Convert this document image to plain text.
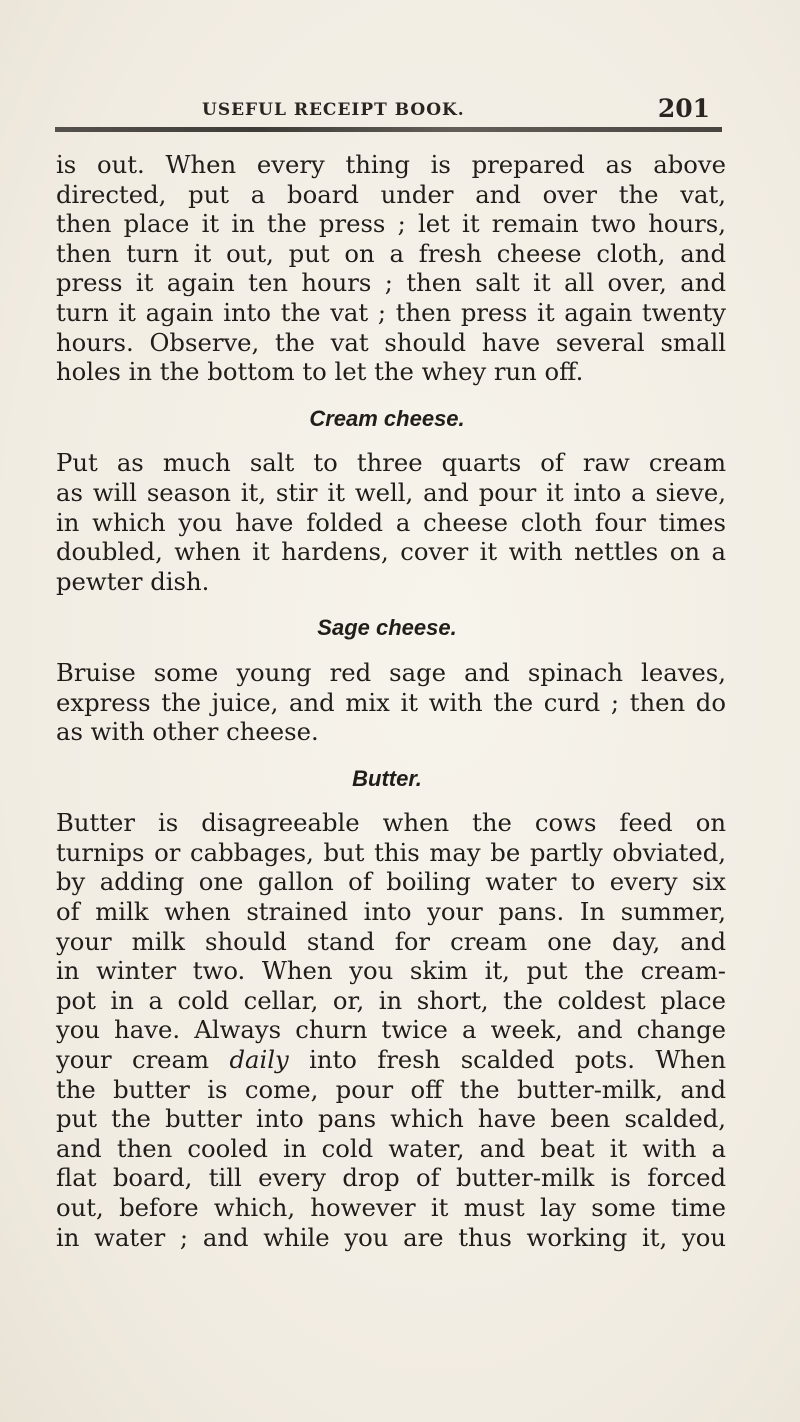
USEFUL RECEIPT BOOK.	201
is out. When every thing is prepared as above
directed, put a board under and over the vat,
then place it in the press ; let it remain two hours,
then turn it out, put on a fresh cheese cloth, and
press it again ten hours ; then salt it all over, and
turn it again into the vat ; then press it again twenty
hours. Observe, the vat should have several small
holes in the bottom to let the whey run off.
Cream cheese.
Put as much salt to three quarts of raw cream
as will season it, stir it well, and pour it into a sieve,
in which you have folded a cheese cloth four times
doubled, when it hardens, cover it with nettles on a
pewter dish.
Sage cheese.
Bruise some young red sage and spinach leaves,
express the juice, and mix it with the curd ; then do
as with other cheese.
Butter.
Butter is disagreeable when the cows feed on
turnips or cabbages, but this may be partly obviated,
by adding one gallon of boiling water to every six
of milk when strained into your pans. In summer,
your milk should stand for cream one day, and
in winter two. When you skim it, put the cream-
pot in a cold cellar, or, in short, the coldest place
you have. Always churn twice a week, and change
your cream daily into fresh scalded pots. When
the butter is come, pour off the butter-milk, and
put the butter into pans which have been scalded,
and then cooled in cold water, and beat it with a
flat board, till every drop of butter-milk is forced
out, before which, however it must lay some time
in water ; and while you are thus working it, you
